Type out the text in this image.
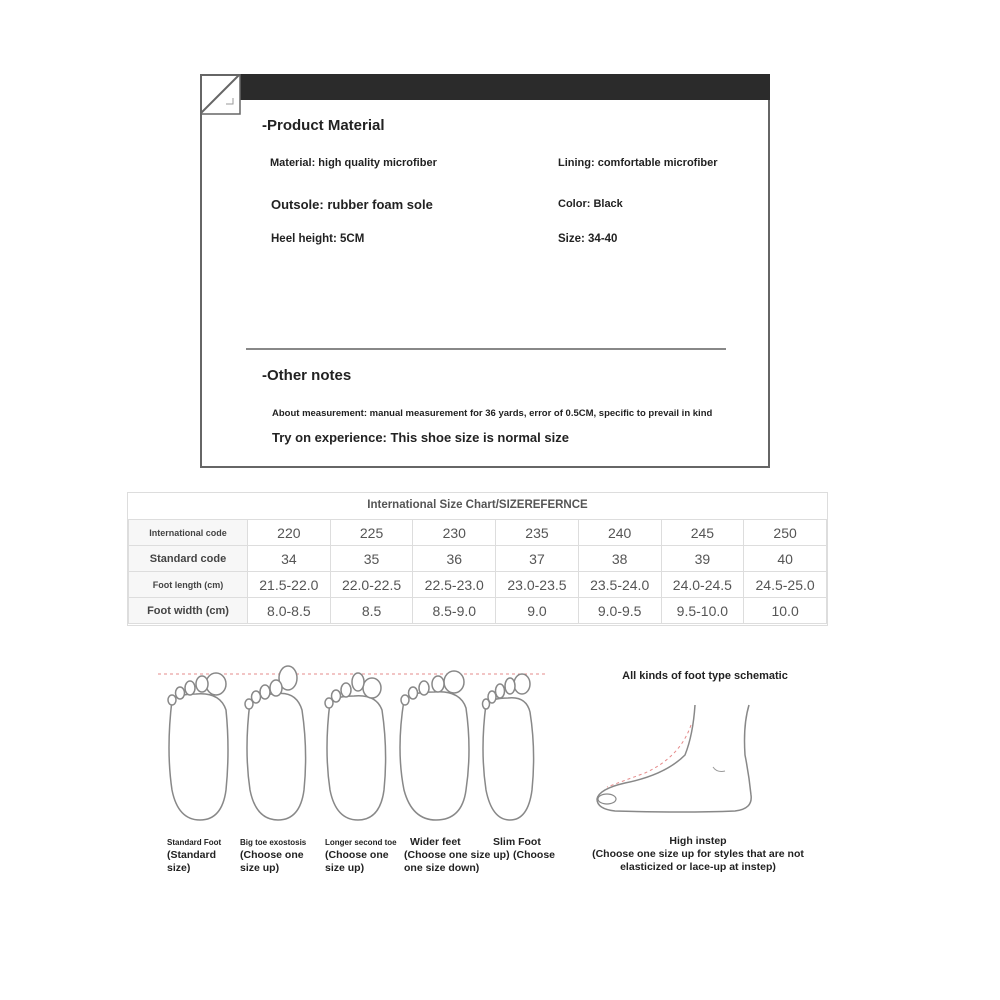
-Product Material
Material: high quality microfiber	Lining: comfortable microfiber
Outsole: rubber foam sole	Color: Black
Heel height: 5CM	Size: 34-40
-Other notes
About measurement: manual measurement for 36 yards, error of 0.5CM, specific to prevail in kind
Try on experience: This shoe size is normal size
International Size Chart/SIZEREFERNCE
International code	220	225	230	235	240	245	250
Standard code	34	35	36	37	38	39	40
Foot length (cm)	21.5-22.0	22.0-22.5	22.5-23.0	23.0-23.5	23.5-24.0	24.0-24.5	24.5-25.0
Foot width (cm)	8.0-8.5	8.5	8.5-9.0	9.0	9.0-9.5	9.5-10.0	10.0
Standard Foot
(Standard
size)
Big toe exostosis
(Choose one
size up)
Longer second toe
(Choose one
size up)
Wider feet
(Choose one size up)
one size down)
Slim Foot
(Choose
All kinds of foot type schematic
High instep
(Choose one size up for styles that are not
elasticized or lace-up at instep)
